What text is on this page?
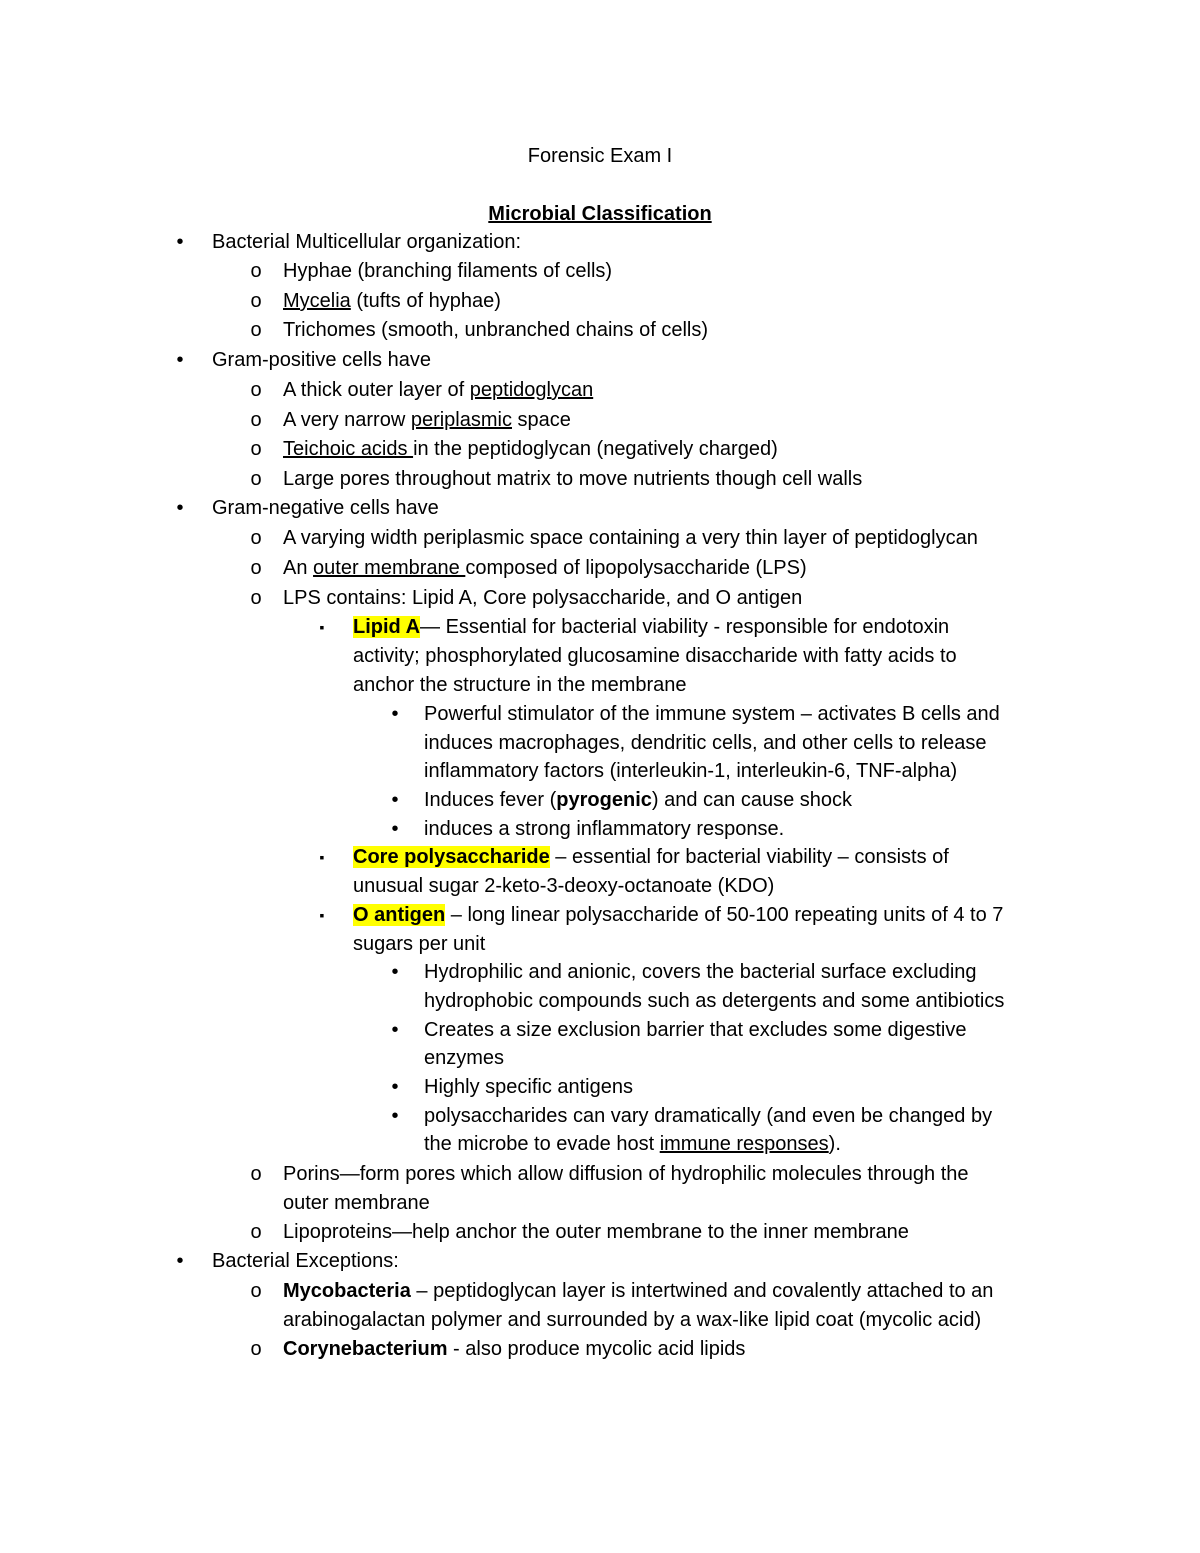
Forensic Exam I
Microbial Classification
•	Bacterial Multicellular organization:
o Hyphae (branching filaments of cells)
o Mycelia (tufts of hyphae)
o Trichomes (smooth, unbranched chains of cells)
•	Gram-positive cells have
o A thick outer layer of peptidoglycan
o A very narrow periplasmic space
o Teichoic acids in the peptidoglycan (negatively charged)
o Large pores throughout matrix to move nutrients though cell walls
•	Gram-negative cells have
o A varying width periplasmic space containing a very thin layer of peptidoglycan
o An outer membrane composed of lipopolysaccharide (LPS)
o LPS contains: Lipid A, Core polysaccharide, and O antigen
▪	Lipid A— Essential for bacterial viability - responsible for endotoxin
activity; phosphorylated glucosamine disaccharide with fatty acids to
anchor the structure in the membrane
•	Powerful stimulator of the immune system – activates B cells and
induces macrophages, dendritic cells, and other cells to release
inflammatory factors (interleukin-1, interleukin-6, TNF-alpha)
•	Induces fever (pyrogenic) and can cause shock
•	induces a strong inflammatory response.
▪	Core polysaccharide – essential for bacterial viability – consists of
unusual sugar 2-keto-3-deoxy-octanoate (KDO)
▪	O antigen – long linear polysaccharide of 50-100 repeating units of 4 to 7
sugars per unit
•	Hydrophilic and anionic, covers the bacterial surface excluding
hydrophobic compounds such as detergents and some antibiotics
•	Creates a size exclusion barrier that excludes some digestive
enzymes
•	Highly specific antigens
•	polysaccharides can vary dramatically (and even be changed by
the microbe to evade host immune responses).
o Porins—form pores which allow diffusion of hydrophilic molecules through the
outer membrane
o Lipoproteins—help anchor the outer membrane to the inner membrane
•	Bacterial Exceptions:
o Mycobacteria – peptidoglycan layer is intertwined and covalently attached to an
arabinogalactan polymer and surrounded by a wax-like lipid coat (mycolic acid)
o Corynebacterium - also produce mycolic acid lipids
